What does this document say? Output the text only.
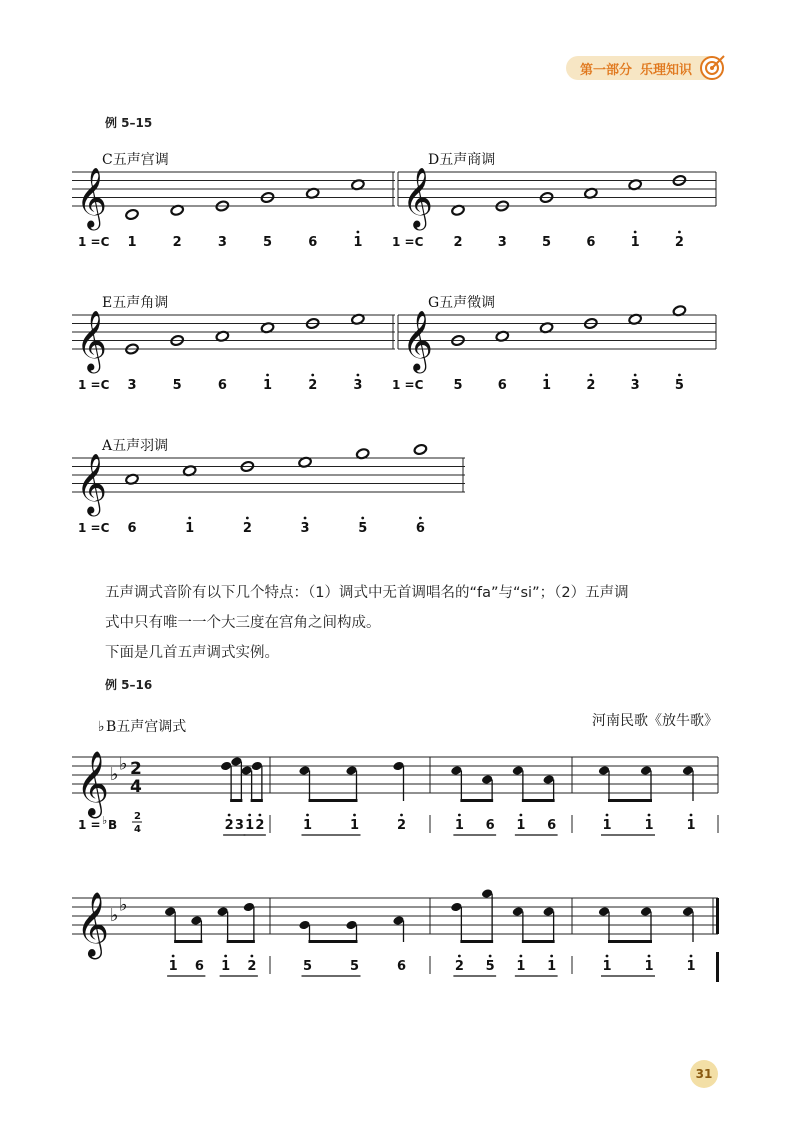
第一部分 乐理知识
例 5–15
𝄞
C五声宫调
1 =C 1	2	3	5	6	1
𝄞
D五声商调
1 =C 2	3	5	6	1	2
𝄞
E五声角调
1 =C 3	5	6	1	2	3
𝄞
G五声徵调
1 =C 5	6	1	2	3	5
𝄞
A五声羽调
1 =C 6	1	2	3	5	6

五声调式音阶有以下几个特点：（1）调式中无首调唱名的“fa”与“si”；（2）五声调

式中只有唯一一个大三度在宫角之间构成。

下面是几首五声调式实例。

例 5–16
♭ B五声宫调式	河南民歌《放牛歌》
𝄞 ♭ ♭ 2
4
1 = ♭ B
2
4	2 3 1 2	1	1	2	1 6 1 6	1	1	1
𝄞 ♭ ♭
1 6 1 2	5	5	6	2 5 1 1	1	1	1
31
